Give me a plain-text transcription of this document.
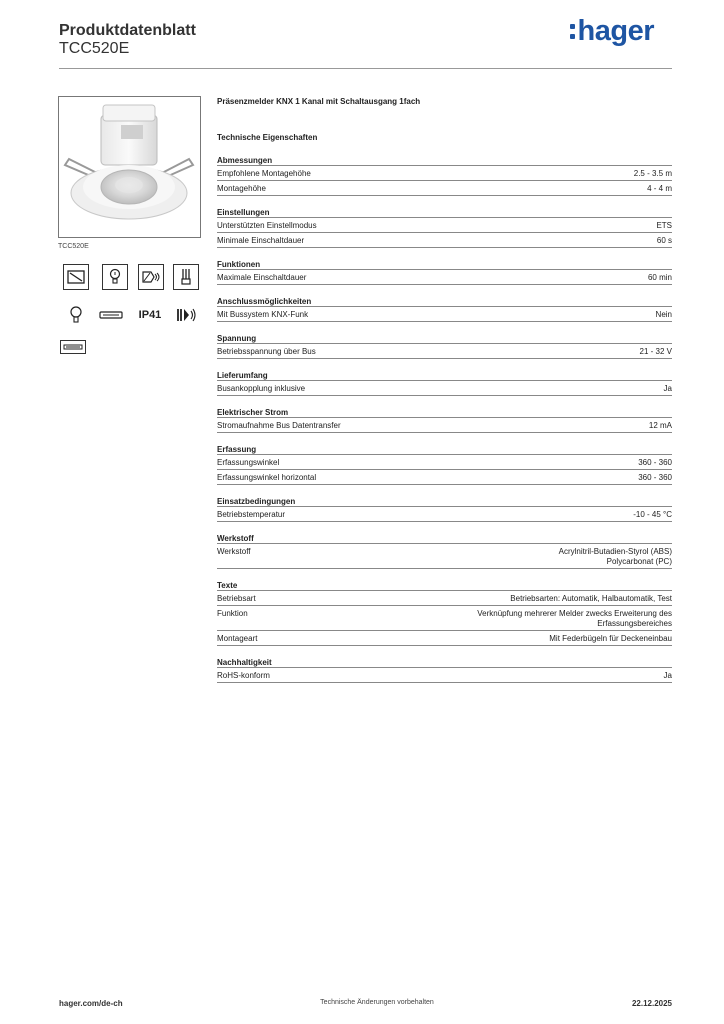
Produktdatenblatt
TCC520E
hager
TCC520E
IP41
Präsenzmelder KNX 1 Kanal mit Schaltausgang 1fach
Technische Eigenschaften
Abmessungen
Empfohlene Montagehöhe	2.5 - 3.5 m
Montagehöhe	4 - 4 m
Einstellungen
Unterstützten Einstellmodus	ETS
Minimale Einschaltdauer	60 s
Funktionen
Maximale Einschaltdauer	60 min
Anschlussmöglichkeiten
Mit Bussystem KNX-Funk	Nein
Spannung
Betriebsspannung über Bus	21 - 32 V
Lieferumfang
Busankopplung inklusive	Ja
Elektrischer Strom
Stromaufnahme Bus Datentransfer	12 mA
Erfassung
Erfassungswinkel	360 - 360
Erfassungswinkel horizontal	360 - 360
Einsatzbedingungen
Betriebstemperatur	-10 - 45 °C
Werkstoff
Werkstoff	Acrylnitril-Butadien-Styrol (ABS)
Polycarbonat (PC)
Texte
Betriebsart	Betriebsarten: Automatik, Halbautomatik, Test
Funktion	Verknüpfung mehrerer Melder zwecks Erweiterung des Erfassungsbereiches
Montageart	Mit Federbügeln für Deckeneinbau
Nachhaltigkeit
RoHS-konform	Ja
hager.com/de-ch	Technische Änderungen vorbehalten	22.12.2025
